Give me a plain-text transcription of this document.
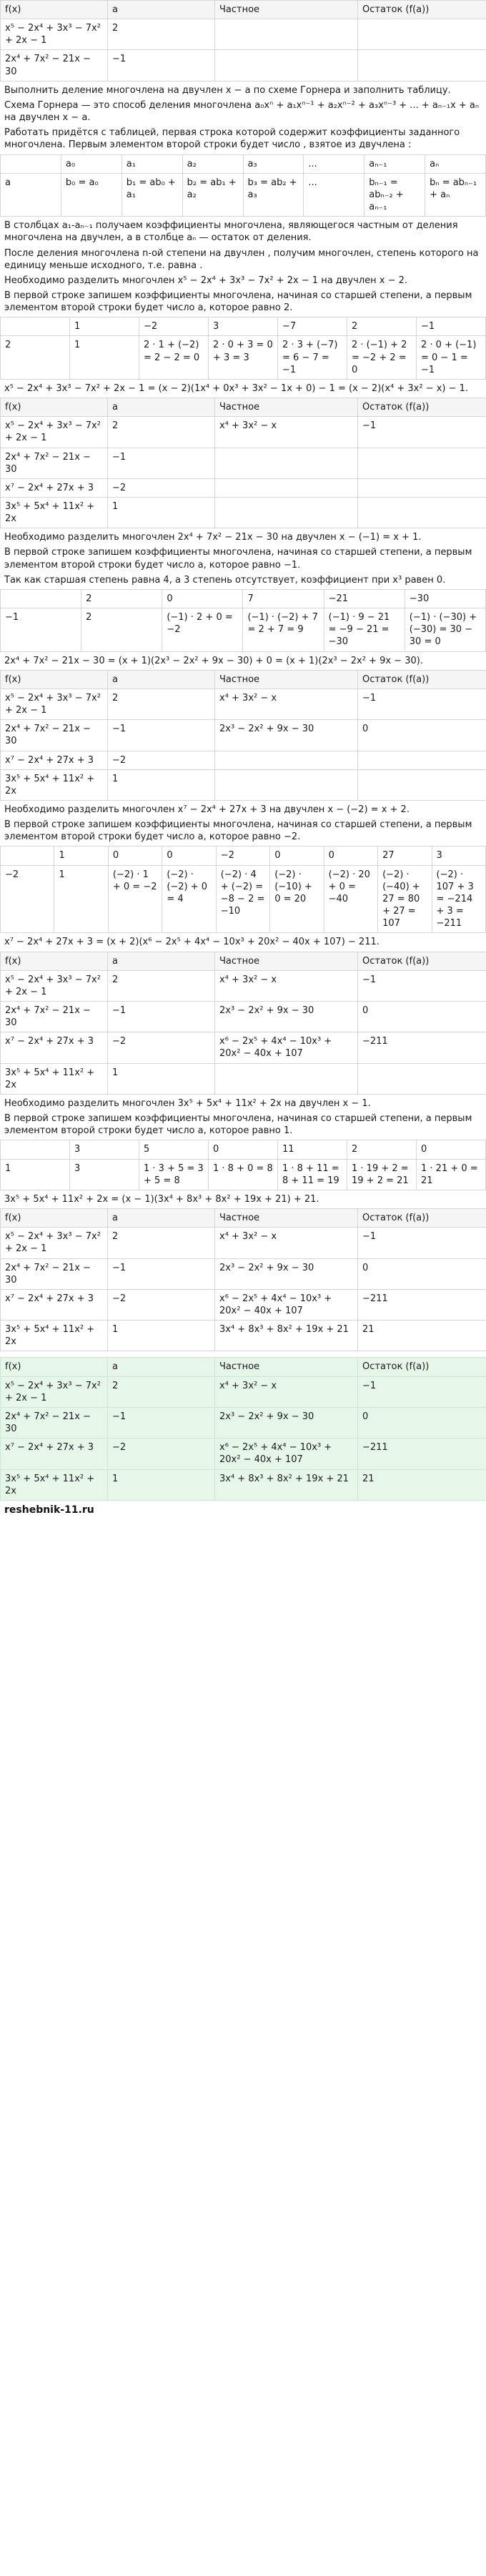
f(x)	a	Частное	Остаток (f(a))
x⁵ − 2x⁴ + 3x³ − 7x² + 2x − 1	2		
2x⁴ + 7x² − 21x − 30	−1		

Выполнить деление многочлена на двучлен x − a по схеме Горнера и заполнить таблицу.

Схема Горнера — это способ деления многочлена a₀xⁿ + a₁xⁿ⁻¹ + a₂xⁿ⁻² + a₃xⁿ⁻³ + ... + aₙ₋₁x + aₙ на двучлен x − a.

Работать придётся с таблицей, первая строка которой содержит коэффициенты заданного многочлена. Первым элементом второй строки будет число , взятое из двучлена :

	a₀	a₁	a₂	a₃	...	aₙ₋₁	aₙ
a	b₀ = a₀	b₁ = ab₀ + a₁	b₂ = ab₁ + a₂	b₃ = ab₂ + a₃	...	bₙ₋₁ = abₙ₋₂ + aₙ₋₁	bₙ = abₙ₋₁ + aₙ

В столбцах a₁-aₙ₋₁ получаем коэффициенты многочлена, являющегося частным от деления многочлена на двучлен, а в столбце aₙ — остаток от деления.

После деления многочлена n-ой степени на двучлен , получим многочлен, степень которого на единицу меньше исходного, т.е. равна .

Необходимо разделить многочлен x⁵ − 2x⁴ + 3x³ − 7x² + 2x − 1 на двучлен x − 2.

В первой строке запишем коэффициенты многочлена, начиная со старшей степени, а первым элементом второй строки будет число a, которое равно 2.

	1	−2	3	−7	2	−1
2	1	2 · 1 + (−2) = 2 − 2 = 0	2 · 0 + 3 = 0 + 3 = 3	2 · 3 + (−7) = 6 − 7 = −1	2 · (−1) + 2 = −2 + 2 = 0	2 · 0 + (−1) = 0 − 1 = −1

x⁵ − 2x⁴ + 3x³ − 7x² + 2x − 1 = (x − 2)(1x⁴ + 0x³ + 3x² − 1x + 0) − 1 = (x − 2)(x⁴ + 3x² − x) − 1.

f(x)	a	Частное	Остаток (f(a))
x⁵ − 2x⁴ + 3x³ − 7x² + 2x − 1	2	x⁴ + 3x² − x	−1
2x⁴ + 7x² − 21x − 30	−1		
x⁷ − 2x⁴ + 27x + 3	−2		
3x⁵ + 5x⁴ + 11x² + 2x	1		

Необходимо разделить многочлен 2x⁴ + 7x² − 21x − 30 на двучлен x − (−1) = x + 1.

В первой строке запишем коэффициенты многочлена, начиная со старшей степени, а первым элементом второй строки будет число a, которое равно −1.

Так как старшая степень равна 4, а 3 степень отсутствует, коэффициент при x³ равен 0.

	2	0	7	−21	−30
−1	2	(−1) · 2 + 0 = −2	(−1) · (−2) + 7 = 2 + 7 = 9	(−1) · 9 − 21 = −9 − 21 = −30	(−1) · (−30) + (−30) = 30 − 30 = 0

2x⁴ + 7x² − 21x − 30 = (x + 1)(2x³ − 2x² + 9x − 30) + 0 = (x + 1)(2x³ − 2x² + 9x − 30).

f(x)	a	Частное	Остаток (f(a))
x⁵ − 2x⁴ + 3x³ − 7x² + 2x − 1	2	x⁴ + 3x² − x	−1
2x⁴ + 7x² − 21x − 30	−1	2x³ − 2x² + 9x − 30	0
x⁷ − 2x⁴ + 27x + 3	−2		
3x⁵ + 5x⁴ + 11x² + 2x	1		

Необходимо разделить многочлен x⁷ − 2x⁴ + 27x + 3 на двучлен x − (−2) = x + 2.

В первой строке запишем коэффициенты многочлена, начиная со старшей степени, а первым элементом второй строки будет число a, которое равно −2.

	1	0	0	−2	0	0	27	3
−2	1	(−2) · 1 + 0 = −2	(−2) · (−2) + 0 = 4	(−2) · 4 + (−2) = −8 − 2 = −10	(−2) · (−10) + 0 = 20	(−2) · 20 + 0 = −40	(−2) · (−40) + 27 = 80 + 27 = 107	(−2) · 107 + 3 = −214 + 3 = −211

x⁷ − 2x⁴ + 27x + 3 = (x + 2)(x⁶ − 2x⁵ + 4x⁴ − 10x³ + 20x² − 40x + 107) − 211.

f(x)	a	Частное	Остаток (f(a))
x⁵ − 2x⁴ + 3x³ − 7x² + 2x − 1	2	x⁴ + 3x² − x	−1
2x⁴ + 7x² − 21x − 30	−1	2x³ − 2x² + 9x − 30	0
x⁷ − 2x⁴ + 27x + 3	−2	x⁶ − 2x⁵ + 4x⁴ − 10x³ + 20x² − 40x + 107	−211
3x⁵ + 5x⁴ + 11x² + 2x	1		

Необходимо разделить многочлен 3x⁵ + 5x⁴ + 11x² + 2x на двучлен x − 1.

В первой строке запишем коэффициенты многочлена, начиная со старшей степени, а первым элементом второй строки будет число a, которое равно 1.

	3	5	0	11	2	0
1	3	1 · 3 + 5 = 3 + 5 = 8	1 · 8 + 0 = 8	1 · 8 + 11 = 8 + 11 = 19	1 · 19 + 2 = 19 + 2 = 21	1 · 21 + 0 = 21

3x⁵ + 5x⁴ + 11x² + 2x = (x − 1)(3x⁴ + 8x³ + 8x² + 19x + 21) + 21.

f(x)	a	Частное	Остаток (f(a))
x⁵ − 2x⁴ + 3x³ − 7x² + 2x − 1	2	x⁴ + 3x² − x	−1
2x⁴ + 7x² − 21x − 30	−1	2x³ − 2x² + 9x − 30	0
x⁷ − 2x⁴ + 27x + 3	−2	x⁶ − 2x⁵ + 4x⁴ − 10x³ + 20x² − 40x + 107	−211
3x⁵ + 5x⁴ + 11x² + 2x	1	3x⁴ + 8x³ + 8x² + 19x + 21	21
f(x)	a	Частное	Остаток (f(a))
x⁵ − 2x⁴ + 3x³ − 7x² + 2x − 1	2	x⁴ + 3x² − x	−1
2x⁴ + 7x² − 21x − 30	−1	2x³ − 2x² + 9x − 30	0
x⁷ − 2x⁴ + 27x + 3	−2	x⁶ − 2x⁵ + 4x⁴ − 10x³ + 20x² − 40x + 107	−211
3x⁵ + 5x⁴ + 11x² + 2x	1	3x⁴ + 8x³ + 8x² + 19x + 21	21

reshebnik-11.ru
